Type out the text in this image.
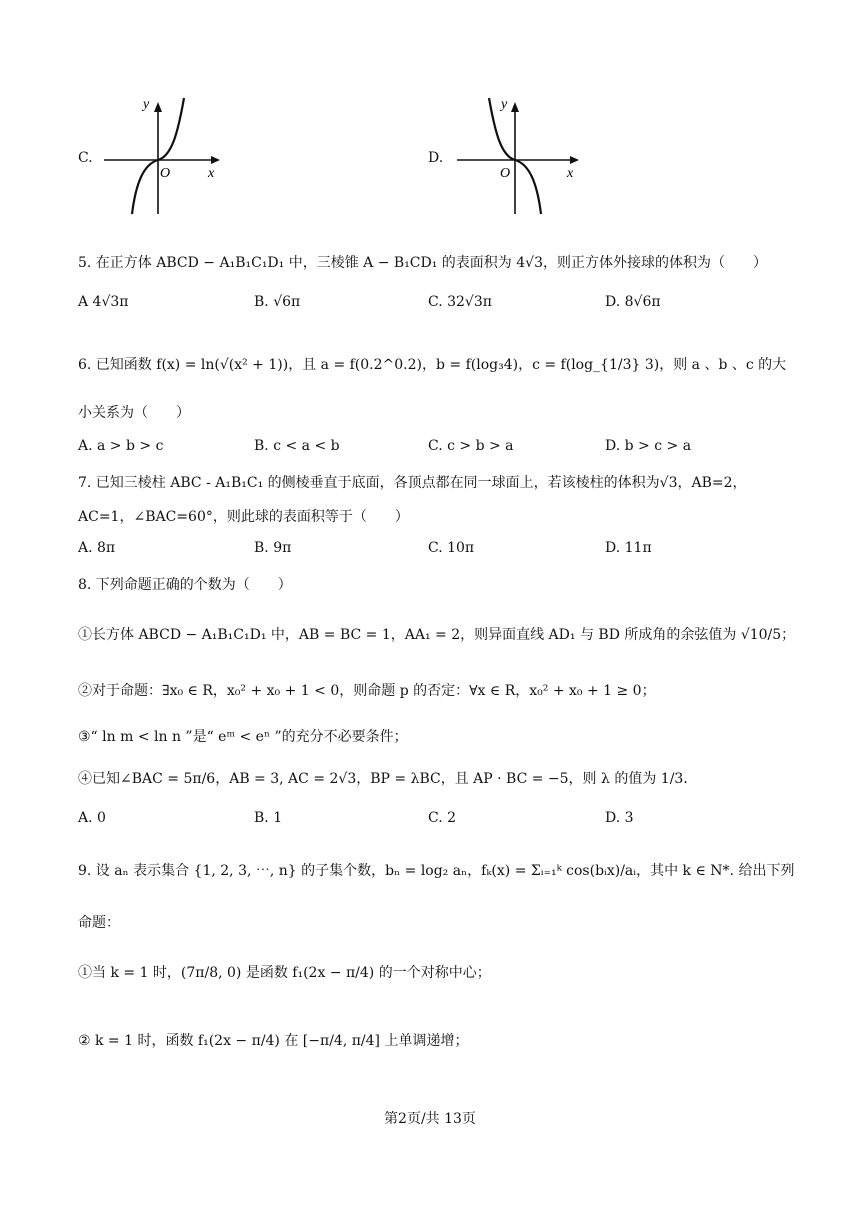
C.
y
O	x
D.
y
O	x
5. 在正方体 ABCD − A₁B₁C₁D₁ 中，三棱锥 A − B₁CD₁ 的表面积为 4√3，则正方体外接球的体积为（　　）
A 4√3π	B. √6π	C. 32√3π	D. 8√6π
6. 已知函数 f(x) = ln(√(x² + 1))，且 a = f(0.2^0.2)，b = f(log₃4)，c = f(log_{1/3} 3)，则 a 、b 、c 的大
小关系为（　　）
A. a > b > c	B. c < a < b	C. c > b > a	D. b > c > a
7. 已知三棱柱 ABC - A₁B₁C₁ 的侧棱垂直于底面，各顶点都在同一球面上，若该棱柱的体积为√3，AB=2，
AC=1，∠BAC=60°，则此球的表面积等于（　　）
A. 8π	B. 9π	C. 10π	D. 11π
8. 下列命题正确的个数为（　　）
①长方体 ABCD − A₁B₁C₁D₁ 中，AB = BC = 1，AA₁ = 2，则异面直线 AD₁ 与 BD 所成角的余弦值为 √10/5；
②对于命题：∃x₀ ∈ R，x₀² + x₀ + 1 < 0，则命题 p 的否定：∀x ∈ R，x₀² + x₀ + 1 ≥ 0；
③“ ln m < ln n ”是“ eᵐ < eⁿ ”的充分不必要条件；
④已知∠BAC = 5π/6，AB = 3, AC = 2√3，BP = λBC，且 AP · BC = −5，则 λ 的值为 1/3.
A. 0	B. 1	C. 2	D. 3
9. 设 aₙ 表示集合 {1, 2, 3, ⋯, n} 的子集个数，bₙ = log₂ aₙ，fₖ(x) = Σᵢ₌₁ᵏ cos(bᵢx)/aᵢ，其中 k ∈ N*. 给出下列
命题：
①当 k = 1 时，(7π/8, 0) 是函数 f₁(2x − π/4) 的一个对称中心；
② k = 1 时，函数 f₁(2x − π/4) 在 [−π/4, π/4] 上单调递增；
第2页/共 13页
